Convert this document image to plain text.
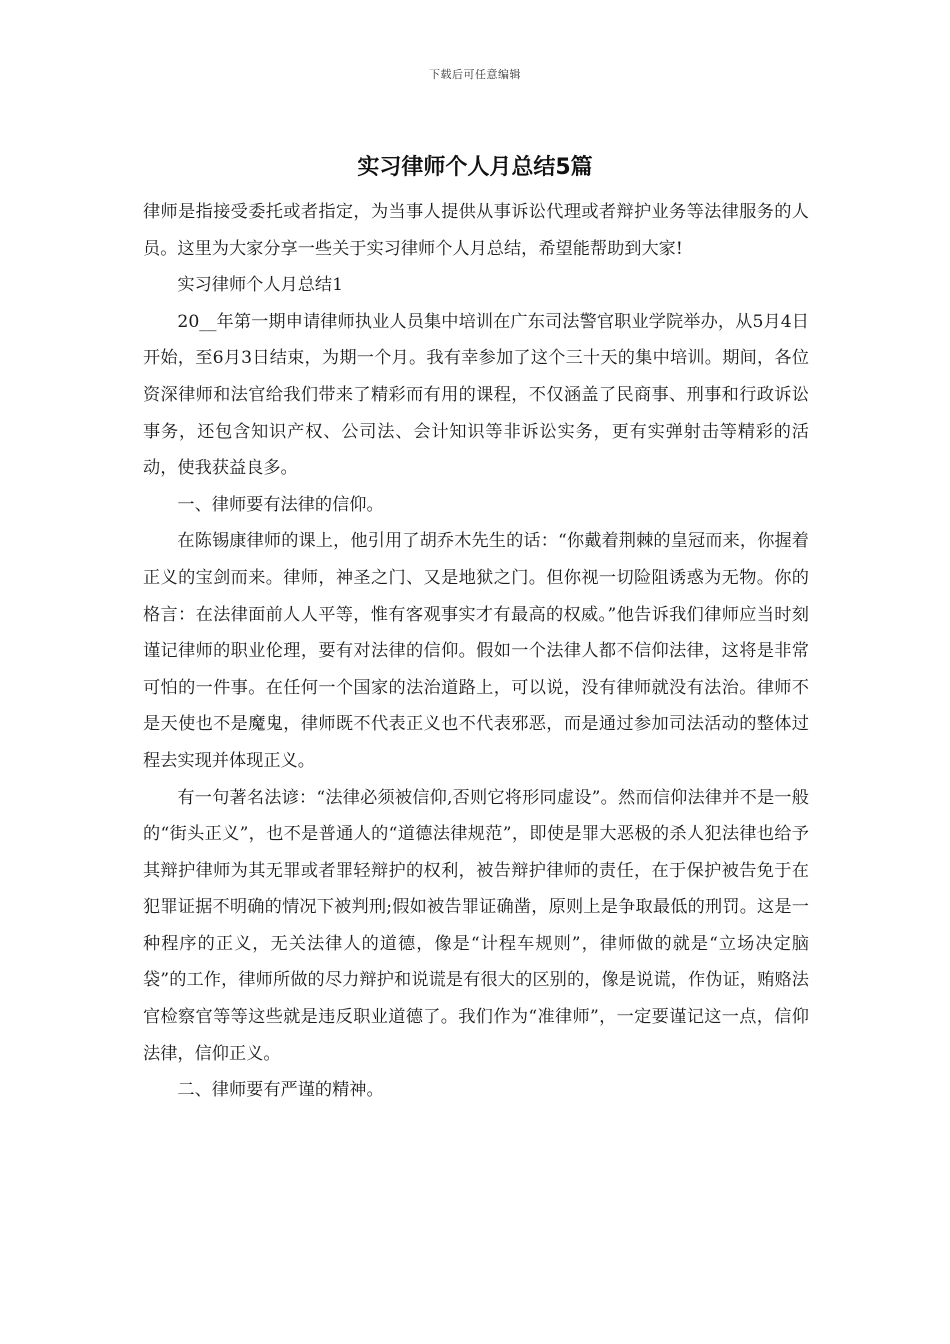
下载后可任意编辑
实习律师个人月总结5篇

律师是指接受委托或者指定，为当事人提供从事诉讼代理或者辩护业务等法律服务的人员。这里为大家分享一些关于实习律师个人月总结，希望能帮助到大家!

实习律师个人月总结1

20__年第一期申请律师执业人员集中培训在广东司法警官职业学院举办，从5月4日开始，至6月3日结束，为期一个月。我有幸参加了这个三十天的集中培训。期间，各位资深律师和法官给我们带来了精彩而有用的课程，不仅涵盖了民商事、刑事和行政诉讼事务，还包含知识产权、公司法、会计知识等非诉讼实务，更有实弹射击等精彩的活动，使我获益良多。

一、律师要有法律的信仰。

在陈锡康律师的课上，他引用了胡乔木先生的话：“你戴着荆棘的皇冠而来，你握着正义的宝剑而来。律师，神圣之门、又是地狱之门。但你视一切险阻诱惑为无物。你的格言：在法律面前人人平等，惟有客观事实才有最高的权威。”他告诉我们律师应当时刻谨记律师的职业伦理，要有对法律的信仰。假如一个法律人都不信仰法律，这将是非常可怕的一件事。在任何一个国家的法治道路上，可以说，没有律师就没有法治。律师不是天使也不是魔鬼，律师既不代表正义也不代表邪恶，而是通过参加司法活动的整体过程去实现并体现正义。

有一句著名法谚：“法律必须被信仰,否则它将形同虚设”。然而信仰法律并不是一般的“街头正义”，也不是普通人的“道德法律规范”，即使是罪大恶极的杀人犯法律也给予其辩护律师为其无罪或者罪轻辩护的权利，被告辩护律师的责任，在于保护被告免于在犯罪证据不明确的情况下被判刑;假如被告罪证确凿，原则上是争取最低的刑罚。这是一种程序的正义，无关法律人的道德，像是“计程车规则”，律师做的就是“立场决定脑袋”的工作，律师所做的尽力辩护和说谎是有很大的区别的，像是说谎，作伪证，贿赂法官检察官等等这些就是违反职业道德了。我们作为“准律师”，一定要谨记这一点，信仰法律，信仰正义。

二、律师要有严谨的精神。
